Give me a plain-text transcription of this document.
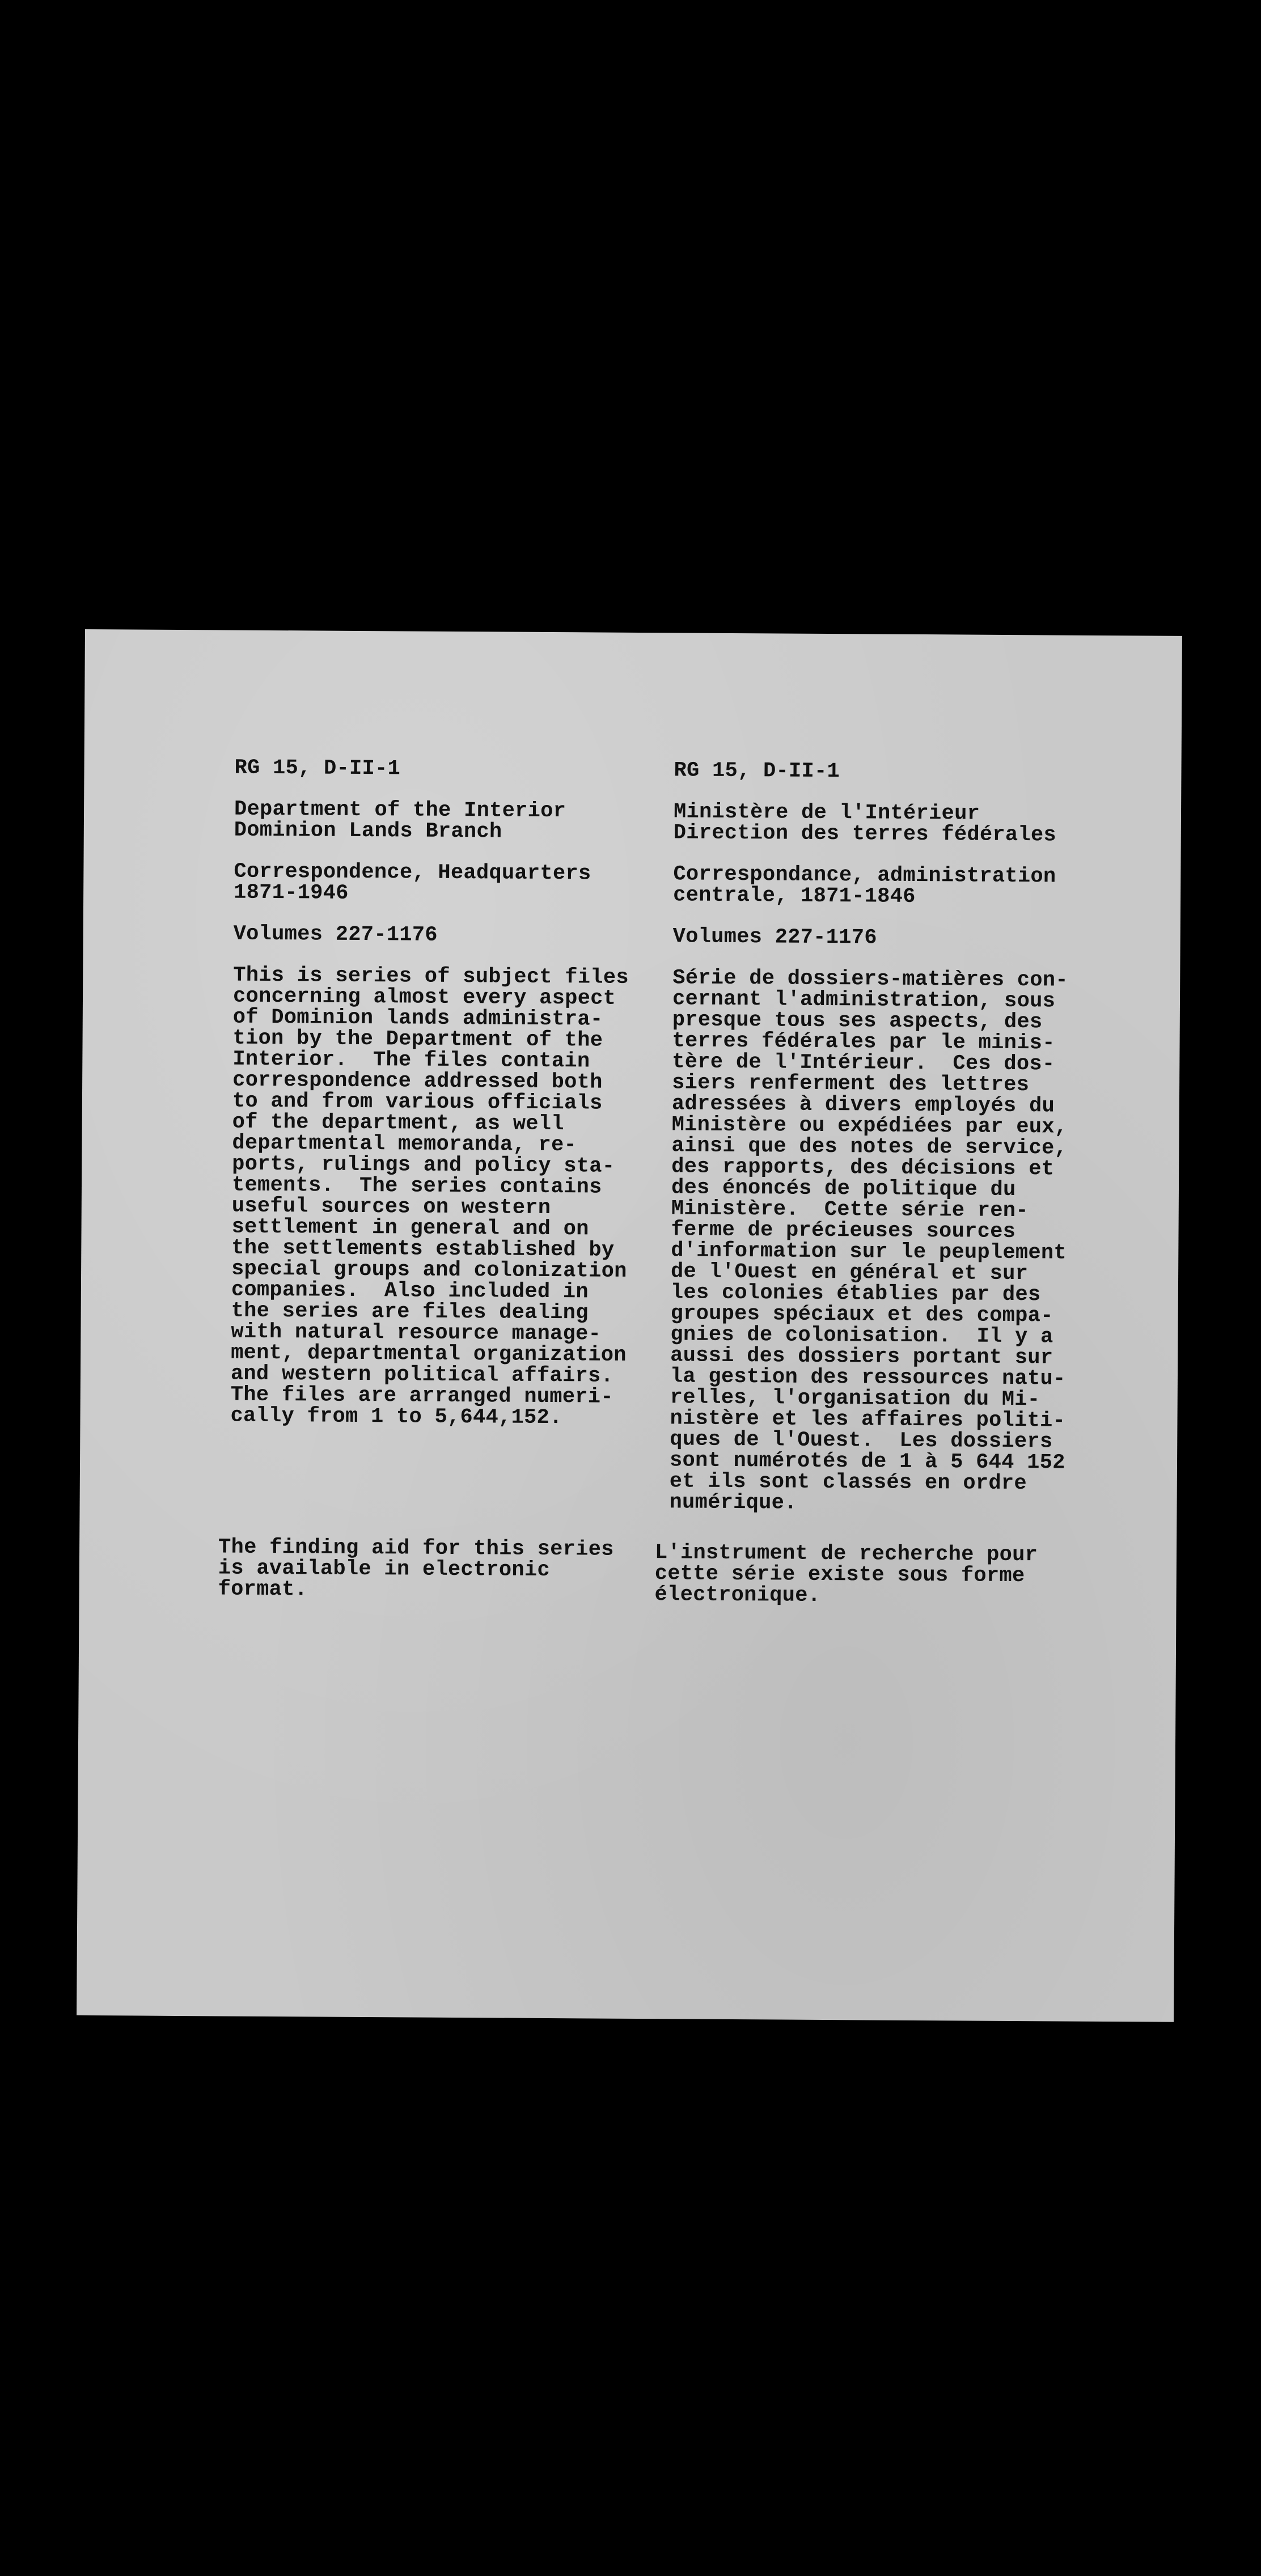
RG 15, D-II-1
Department of the Interior
Dominion Lands Branch
Correspondence, Headquarters
1871-1946
Volumes 227-1176
This is series of subject files
concerning almost every aspect
of Dominion lands administra-
tion by the Department of the
Interior.  The files contain
correspondence addressed both
to and from various officials
of the department, as well
departmental memoranda, re-
ports, rulings and policy sta-
tements.  The series contains
useful sources on western
settlement in general and on
the settlements established by
special groups and colonization
companies.  Also included in
the series are files dealing
with natural resource manage-
ment, departmental organization
and western political affairs.
The files are arranged numeri-
cally from 1 to 5,644,152.
RG 15, D-II-1
Ministère de l'Intérieur
Direction des terres fédérales
Correspondance, administration
centrale, 1871-1846
Volumes 227-1176
Série de dossiers-matières con-
cernant l'administration, sous
presque tous ses aspects, des
terres fédérales par le minis-
tère de l'Intérieur.  Ces dos-
siers renferment des lettres
adressées à divers employés du
Ministère ou expédiées par eux,
ainsi que des notes de service,
des rapports, des décisions et
des énoncés de politique du
Ministère.  Cette série ren-
ferme de précieuses sources
d'information sur le peuplement
de l'Ouest en général et sur
les colonies établies par des
groupes spéciaux et des compa-
gnies de colonisation.  Il y a
aussi des dossiers portant sur
la gestion des ressources natu-
relles, l'organisation du Mi-
nistère et les affaires politi-
ques de l'Ouest.  Les dossiers
sont numérotés de 1 à 5 644 152
et ils sont classés en ordre
numérique.
The finding aid for this series
is available in electronic
format.
L'instrument de recherche pour
cette série existe sous forme
électronique.
